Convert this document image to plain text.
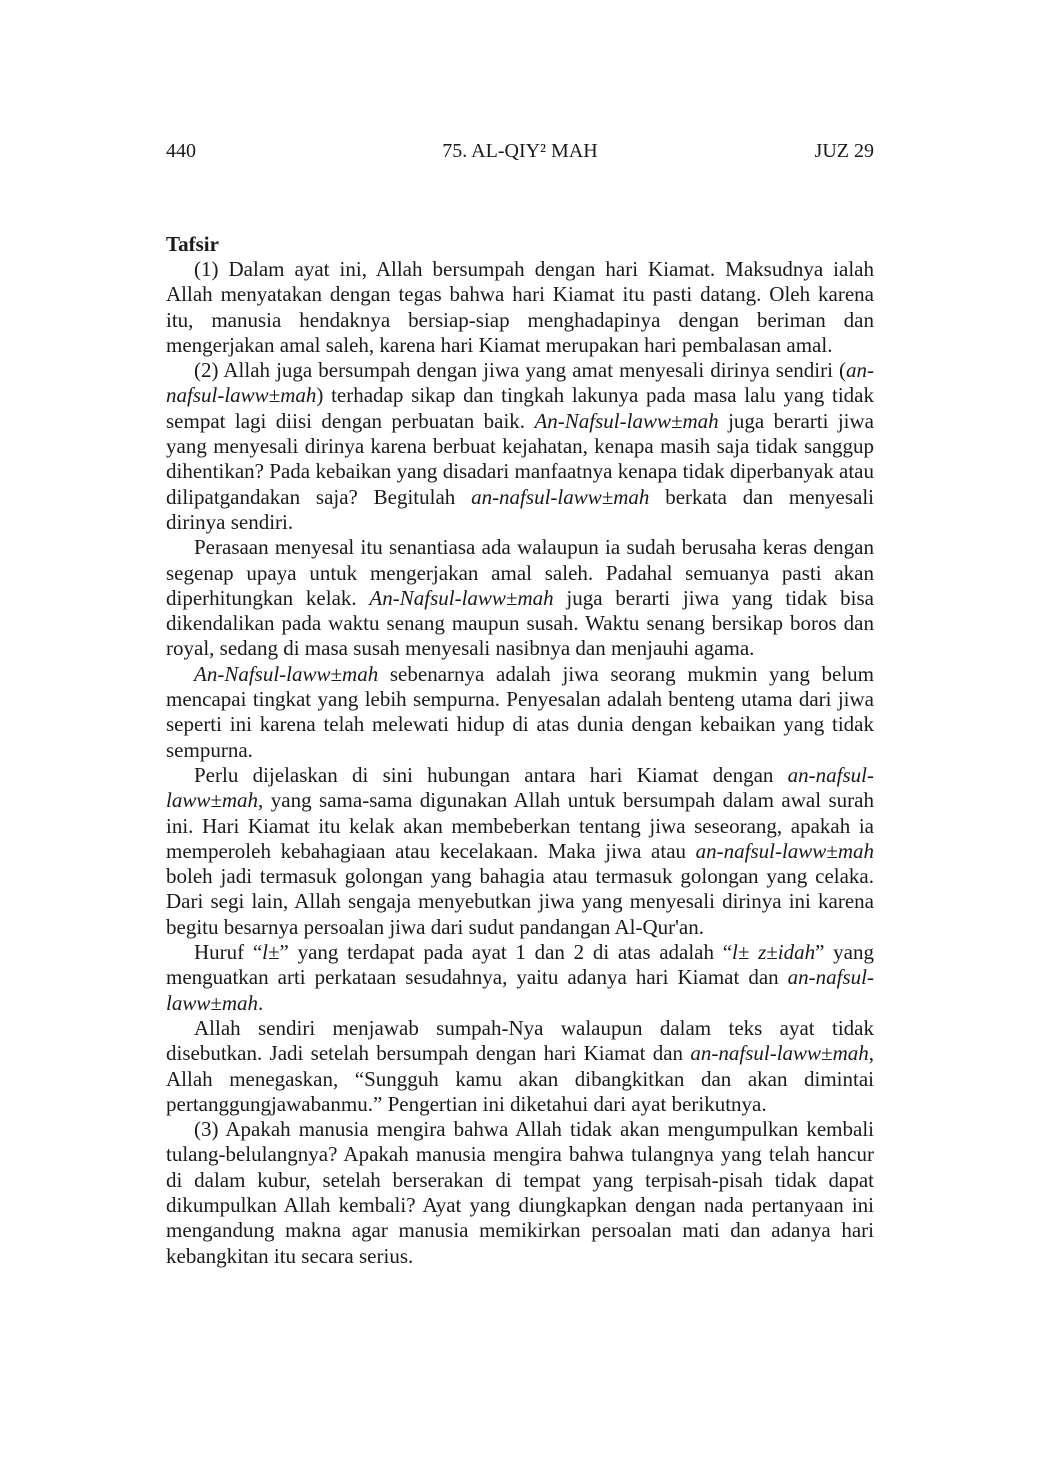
440	75. AL-QIY² MAH	JUZ 29
Tafsir

(1) Dalam ayat ini, Allah bersumpah dengan hari Kiamat. Maksudnya ialah Allah menyatakan dengan tegas bahwa hari Kiamat itu pasti datang. Oleh karena itu, manusia hendaknya bersiap-siap menghadapinya dengan beriman dan mengerjakan amal saleh, karena hari Kiamat merupakan hari pembalasan amal.

(2) Allah juga bersumpah dengan jiwa yang amat menyesali dirinya sendiri (an-nafsul-laww±mah) terhadap sikap dan tingkah lakunya pada masa lalu yang tidak sempat lagi diisi dengan perbuatan baik. An-Nafsul-laww±mah juga berarti jiwa yang menyesali dirinya karena berbuat kejahatan, kenapa masih saja tidak sanggup dihentikan? Pada kebaikan yang disadari manfaatnya kenapa tidak diperbanyak atau dilipatgandakan saja? Begitulah an-nafsul-laww±mah berkata dan menyesali dirinya sendiri.

Perasaan menyesal itu senantiasa ada walaupun ia sudah berusaha keras dengan segenap upaya untuk mengerjakan amal saleh. Padahal semuanya pasti akan diperhitungkan kelak. An-Nafsul-laww±mah juga berarti jiwa yang tidak bisa dikendalikan pada waktu senang maupun susah. Waktu senang bersikap boros dan royal, sedang di masa susah menyesali nasibnya dan menjauhi agama.

An-Nafsul-laww±mah sebenarnya adalah jiwa seorang mukmin yang belum mencapai tingkat yang lebih sempurna. Penyesalan adalah benteng utama dari jiwa seperti ini karena telah melewati hidup di atas dunia dengan kebaikan yang tidak sempurna.

Perlu dijelaskan di sini hubungan antara hari Kiamat dengan an-nafsul-laww±mah, yang sama-sama digunakan Allah untuk bersumpah dalam awal surah ini. Hari Kiamat itu kelak akan membeberkan tentang jiwa seseorang, apakah ia memperoleh kebahagiaan atau kecelakaan. Maka jiwa atau an-nafsul-laww±mah boleh jadi termasuk golongan yang bahagia atau termasuk golongan yang celaka. Dari segi lain, Allah sengaja menyebutkan jiwa yang menyesali dirinya ini karena begitu besarnya persoalan jiwa dari sudut pandangan Al-Qur'an.

Huruf “l±” yang terdapat pada ayat 1 dan 2 di atas adalah “l± z±idah” yang menguatkan arti perkataan sesudahnya, yaitu adanya hari Kiamat dan an-nafsul-laww±mah.

Allah sendiri menjawab sumpah-Nya walaupun dalam teks ayat tidak disebutkan. Jadi setelah bersumpah dengan hari Kiamat dan an-nafsul-laww±mah, Allah menegaskan, “Sungguh kamu akan dibangkitkan dan akan dimintai pertanggungjawabanmu.” Pengertian ini diketahui dari ayat berikutnya.

(3) Apakah manusia mengira bahwa Allah tidak akan mengumpulkan kembali tulang-belulangnya? Apakah manusia mengira bahwa tulangnya yang telah hancur di dalam kubur, setelah berserakan di tempat yang terpisah-pisah tidak dapat dikumpulkan Allah kembali? Ayat yang diungkapkan dengan nada pertanyaan ini mengandung makna agar manusia memikirkan persoalan mati dan adanya hari kebangkitan itu secara serius.
